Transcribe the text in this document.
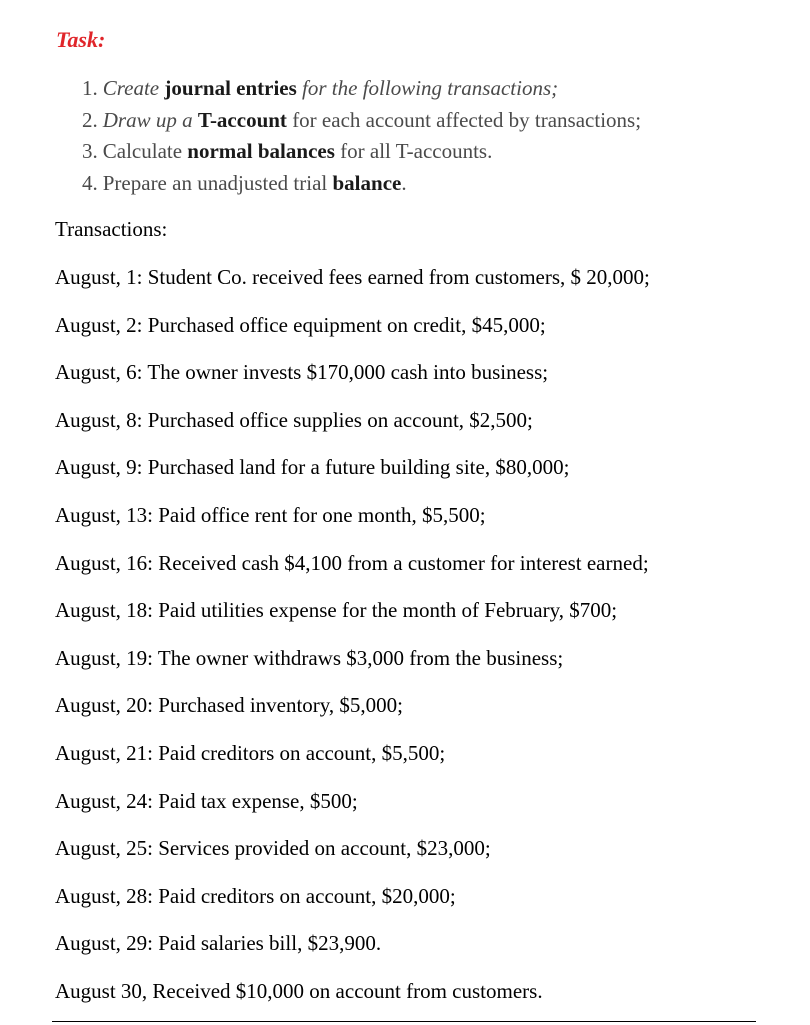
Task:
1. Create journal entries for the following transactions;
2. Draw up a T-account for each account affected by transactions;
3. Calculate normal balances for all T-accounts.
4. Prepare an unadjusted trial balance.
Transactions:
August, 1: Student Co. received fees earned from customers, $ 20,000;
August, 2: Purchased office equipment on credit, $45,000;
August, 6: The owner invests $170,000 cash into business;
August, 8: Purchased office supplies on account, $2,500;
August, 9: Purchased land for a future building site, $80,000;
August, 13: Paid office rent for one month, $5,500;
August, 16: Received cash $4,100 from a customer for interest earned;
August, 18: Paid utilities expense for the month of February, $700;
August, 19: The owner withdraws $3,000 from the business;
August, 20: Purchased inventory, $5,000;
August, 21: Paid creditors on account, $5,500;
August, 24: Paid tax expense, $500;
August, 25: Services provided on account, $23,000;
August, 28: Paid creditors on account, $20,000;
August, 29: Paid salaries bill, $23,900.
August 30, Received $10,000 on account from customers.
